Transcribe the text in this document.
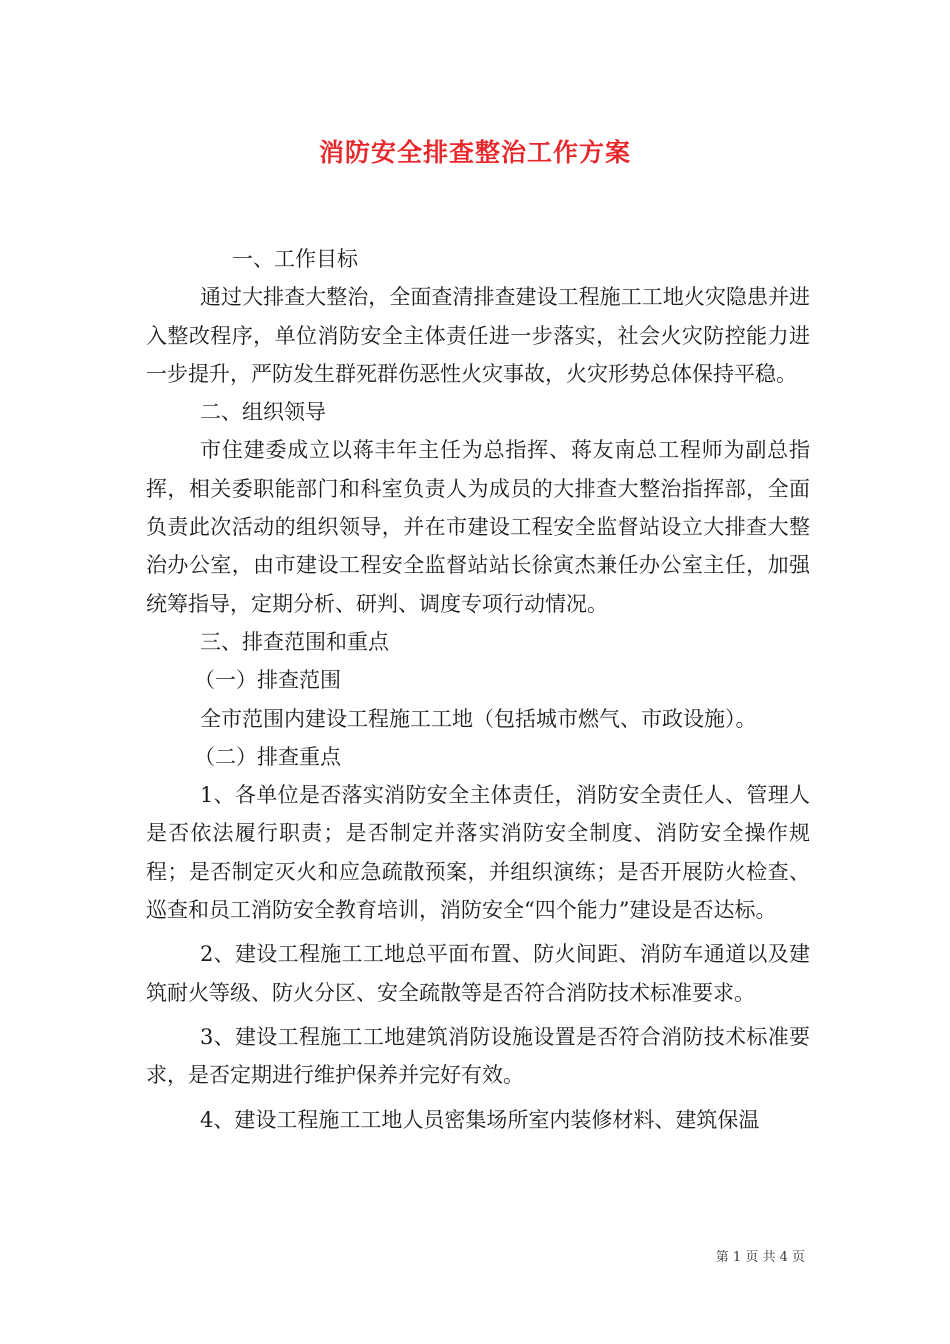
消防安全排查整治工作方案

一、工作目标

通过大排查大整治，全面查清排查建设工程施工工地火灾隐患并进入整改程序，单位消防安全主体责任进一步落实，社会火灾防控能力进一步提升，严防发生群死群伤恶性火灾事故，火灾形势总体保持平稳。

二、组织领导

市住建委成立以蒋丰年主任为总指挥、蒋友南总工程师为副总指挥，相关委职能部门和科室负责人为成员的大排查大整治指挥部，全面负责此次活动的组织领导，并在市建设工程安全监督站设立大排查大整治办公室，由市建设工程安全监督站站长徐寅杰兼任办公室主任，加强统筹指导，定期分析、研判、调度专项行动情况。

三、排查范围和重点

（一）排查范围

全市范围内建设工程施工工地（包括城市燃气、市政设施）。

（二）排查重点

1、各单位是否落实消防安全主体责任，消防安全责任人、管理人是否依法履行职责；是否制定并落实消防安全制度、消防安全操作规程；是否制定灭火和应急疏散预案，并组织演练；是否开展防火检查、巡查和员工消防安全教育培训，消防安全“四个能力”建设是否达标。

2、建设工程施工工地总平面布置、防火间距、消防车通道以及建筑耐火等级、防火分区、安全疏散等是否符合消防技术标准要求。

3、建设工程施工工地建筑消防设施设置是否符合消防技术标准要求，是否定期进行维护保养并完好有效。

4、建设工程施工工地人员密集场所室内装修材料、建筑保温

第 1 页 共 4 页
